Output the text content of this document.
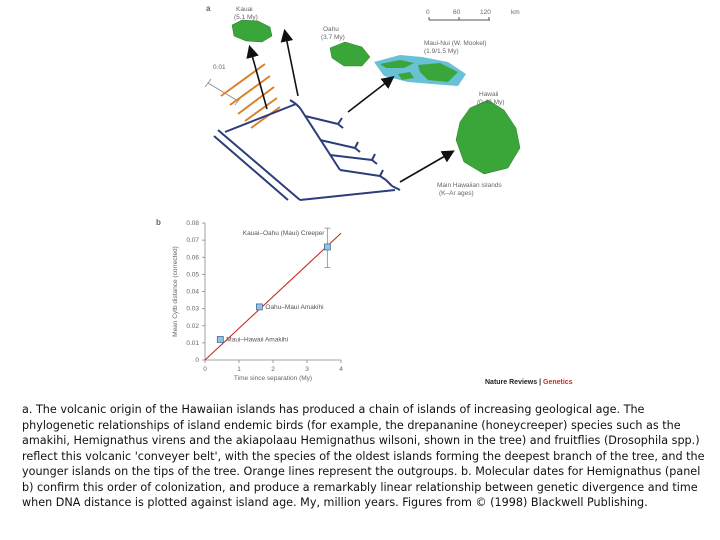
a	0	60	120	km
Kauai
(5.1 My)
Oahu
(3.7 My)
Maui-Nui (W. Mookel)
(1.9/1.5 My)
Hawaii
(0.43 My)
Main Hawaiian islands
(K–Ar ages)
0.01
b
0
0.01
0.02
0.03
0.04
0.05
0.06
0.07
0.08
0	1	2	3	4
Time since separation (My)
Mean Cytb distance (corrected)
Maui–Hawaii Amakihi
Oahu–Maui Amakihi
Kauai–Oahu (Maui) Creeper
Nature Reviews | Genetics

a. The volcanic origin of the Hawaiian islands has produced a chain of islands of increasing geological age. The phylogenetic relationships of island endemic birds (for example, the drepananine (honeycreeper) species such as the amakihi, Hemignathus virens and the akiapolaau Hemignathus wilsoni, shown in the tree) and fruitflies (Drosophila spp.) reflect this volcanic 'conveyer belt', with the species of the oldest islands forming the deepest branch of the tree, and the younger islands on the tips of the tree. Orange lines represent the outgroups. b. Molecular dates for Hemignathus (panel b) confirm this order of colonization, and produce a remarkably linear relationship between genetic divergence and time when DNA distance is plotted against island age. My, million years. Figures from © (1998) Blackwell Publishing.
